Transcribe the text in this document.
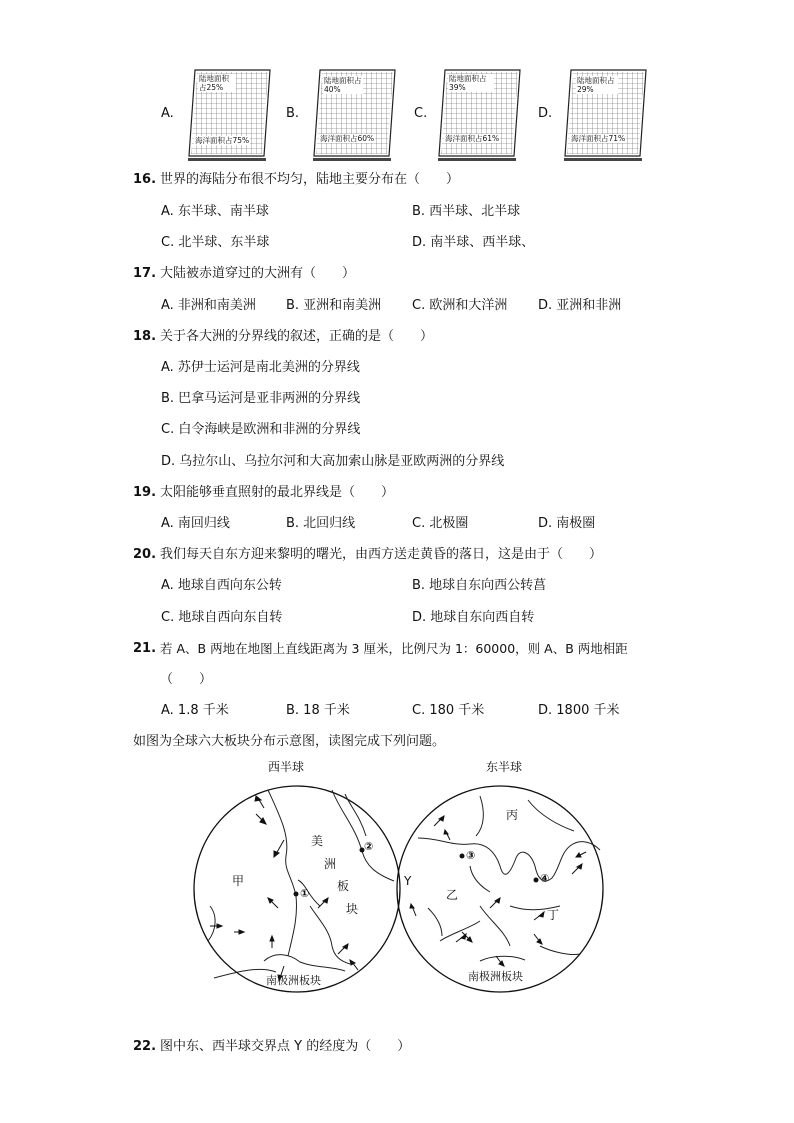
A.
陆地面积占25%
海洋面积占75%
B.
陆地面积占40%
海洋面积占60%
C.
陆地面积占39%
海洋面积占61%
D.
陆地面积占29%
海洋面积占71%
16. 世界的海陆分布很不均匀，陆地主要分布在（　　）
A. 东半球、南半球	B. 西半球、北半球
C. 北半球、东半球	D. 南半球、西半球、
17. 大陆被赤道穿过的大洲有（　　）
A. 非洲和南美洲 B. 亚洲和南美洲 C. 欧洲和大洋洲 D. 亚洲和非洲
18. 关于各大洲的分界线的叙述，正确的是（　　）
A. 苏伊士运河是南北美洲的分界线
B. 巴拿马运河是亚非两洲的分界线
C. 白令海峡是欧洲和非洲的分界线
D. 乌拉尔山、乌拉尔河和大高加索山脉是亚欧两洲的分界线
19. 太阳能够垂直照射的最北界线是（　　）
A. 南回归线	B. 北回归线	C. 北极圈	D. 南极圈
20. 我们每天自东方迎来黎明的曙光，由西方送走黄昏的落日，这是由于（　　）
A. 地球自西向东公转	B. 地球自东向西公转菖
C. 地球自西向东自转	D. 地球自东向西自转
21. 若 A、B 两地在地图上直线距离为 3 厘米，比例尺为 1：60000，则 A、B 两地相距
（　　）
A. 1.8 千米	B. 18 千米	C. 180 千米	D. 1800 千米
如图为全球六大板块分布示意图，读图完成下列问题。
西半球	东半球
甲
乙
丙
丁
美
洲
板
块
Y
①
②
③
④
南极洲板块	南极洲板块
22. 图中东、西半球交界点 Y 的经度为（　　）
